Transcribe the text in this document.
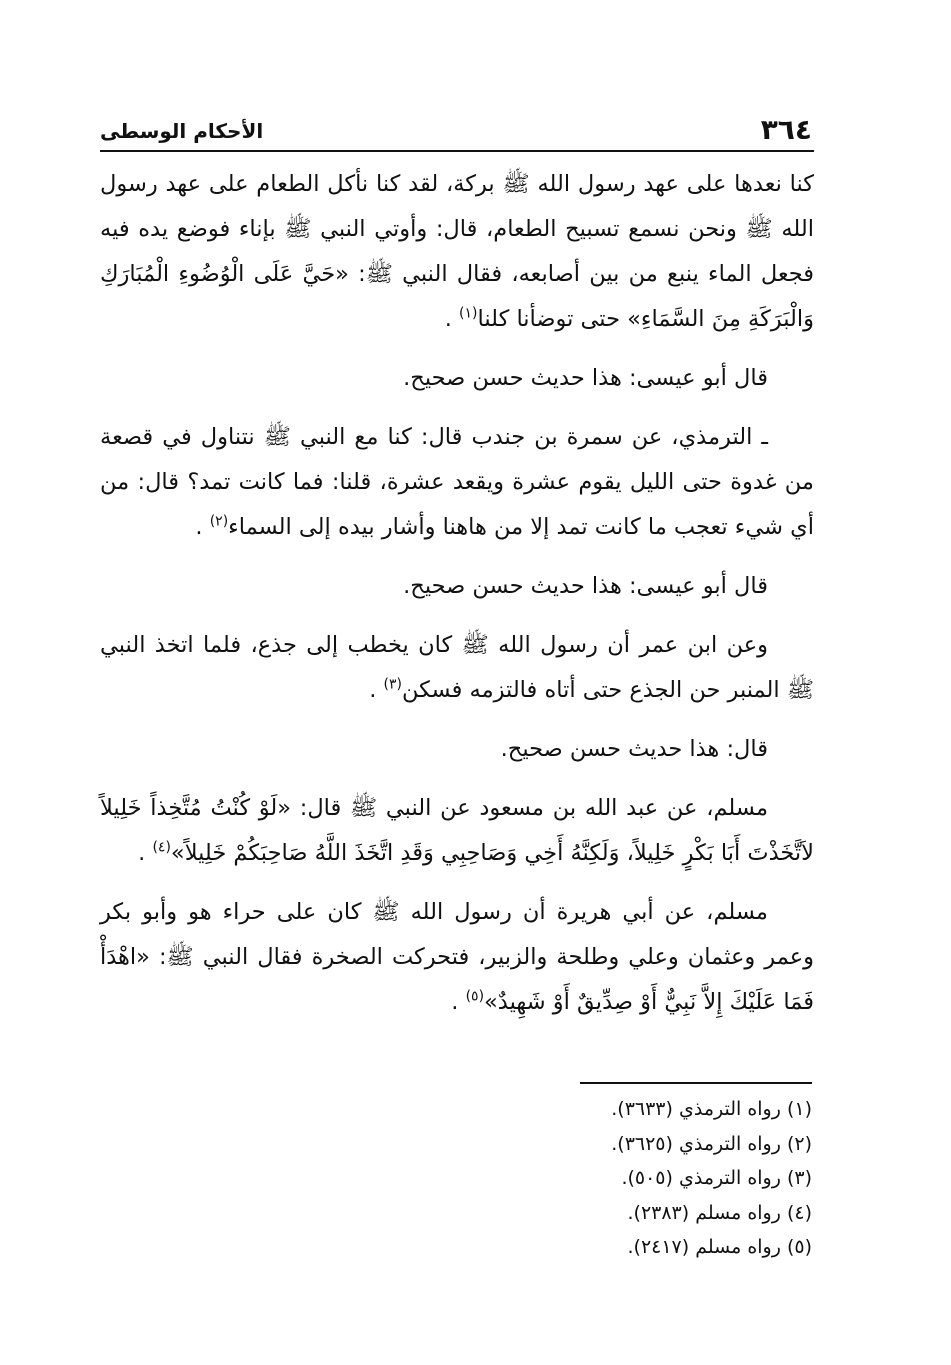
٣٦٤
الأحكام الوسطى

كنا نعدها على عهد رسول الله ﷺ بركة، لقد كنا نأكل الطعام على عهد رسول الله ﷺ ونحن نسمع تسبيح الطعام، قال: وأوتي النبي ﷺ بإناء فوضع يده فيه فجعل الماء ينبع من بين أصابعه، فقال النبي ﷺ: «حَيَّ عَلَى الْوُضُوءِ الْمُبَارَكِ وَالْبَرَكَةِ مِنَ السَّمَاءِ» حتى توضأنا كلنا$^{(١)}$ .

قال أبو عيسى: هذا حديث حسن صحيح.

ـ الترمذي، عن سمرة بن جندب قال: كنا مع النبي ﷺ نتناول في قصعة من غدوة حتى الليل يقوم عشرة ويقعد عشرة، قلنا: فما كانت تمد؟ قال: من أي شيء تعجب ما كانت تمد إلا من هاهنا وأشار بيده إلى السماء$^{(٢)}$ .

قال أبو عيسى: هذا حديث حسن صحيح.

وعن ابن عمر أن رسول الله ﷺ كان يخطب إلى جذع، فلما اتخذ النبي ﷺ المنبر حن الجذع حتى أتاه فالتزمه فسكن$^{(٣)}$ .

قال: هذا حديث حسن صحيح.

مسلم، عن عبد الله بن مسعود عن النبي ﷺ قال: «لَوْ كُنْتُ مُتَّخِذاً خَلِيلاً لاَتَّخَذْتَ أَبَا بَكْرٍ خَلِيلاً، وَلَكِنَّهُ أَخِي وَصَاحِبِي وَقَدِ اتَّخَذَ اللَّهُ صَاحِبَكُمْ خَلِيلاً»$^{(٤)}$ .

مسلم، عن أبي هريرة أن رسول الله ﷺ كان على حراء هو وأبو بكر وعمر وعثمان وعلي وطلحة والزبير، فتحركت الصخرة فقال النبي ﷺ: «اهْدَأْ فَمَا عَلَيْكَ إِلاَّ نَبِيٌّ أَوْ صِدِّيقٌ أَوْ شَهِيدٌ»$^{(٥)}$ .

(١) رواه الترمذي (٣٦٣٣).

(٢) رواه الترمذي (٣٦٢٥).

(٣) رواه الترمذي (٥٠٥).

(٤) رواه مسلم (٢٣٨٣).

(٥) رواه مسلم (٢٤١٧).
